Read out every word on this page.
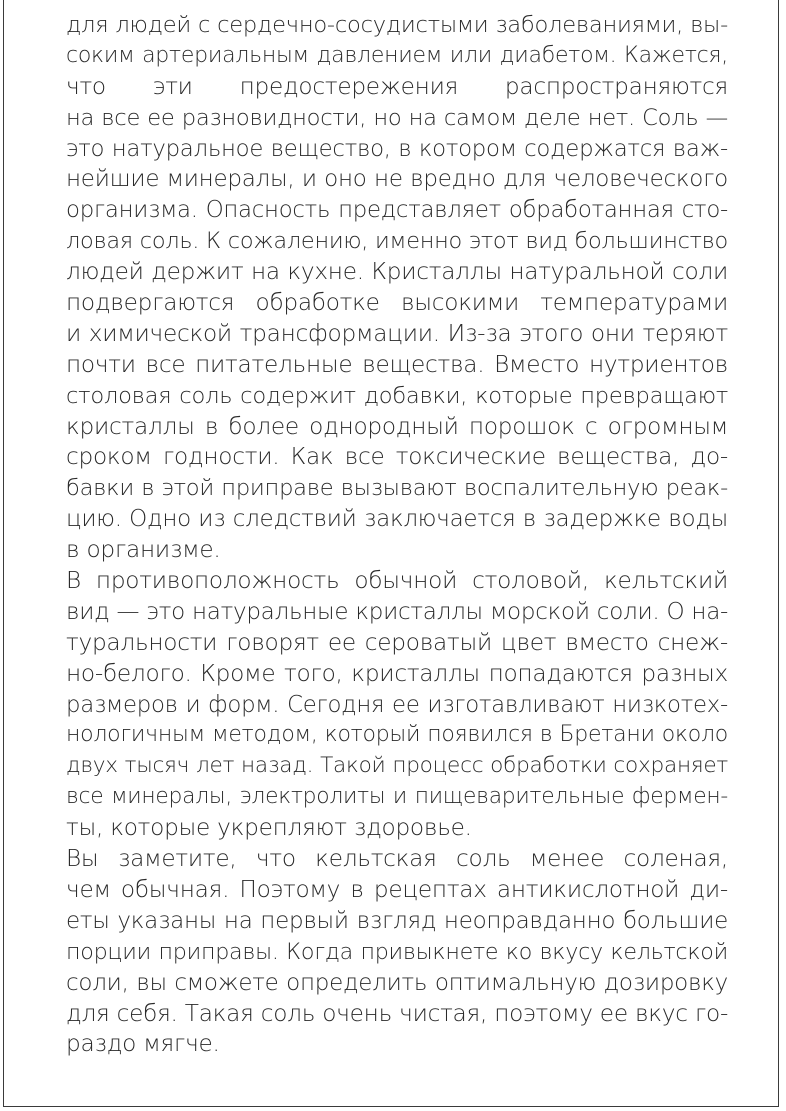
для людей с сердечно-сосудистыми заболеваниями, вы-
соким артериальным давлением или диабетом. Кажется,
что эти предостережения распространяются
на все ее разновидности, но на самом деле нет. Соль —
это натуральное вещество, в котором содержатся важ-
нейшие минералы, и оно не вредно для человеческого
организма. Опасность представляет обработанная сто-
ловая соль. К сожалению, именно этот вид большинство
людей держит на кухне. Кристаллы натуральной соли
подвергаются обработке высокими температурами
и химической трансформации. Из-за этого они теряют
почти все питательные вещества. Вместо нутриентов
столовая соль содержит добавки, которые превращают
кристаллы в более однородный порошок с огромным
сроком годности. Как все токсические вещества, до-
бавки в этой приправе вызывают воспалительную реак-
цию. Одно из следствий заключается в задержке воды
в организме.
В противоположность обычной столовой, кельтский
вид — это натуральные кристаллы морской соли. О на-
туральности говорят ее сероватый цвет вместо снеж-
но-белого. Кроме того, кристаллы попадаются разных
размеров и форм. Сегодня ее изготавливают низкотех-
нологичным методом, который появился в Бретани около
двух тысяч лет назад. Такой процесс обработки сохраняет
все минералы, электролиты и пищеварительные фермен-
ты, которые укрепляют здоровье.
Вы заметите, что кельтская соль менее соленая,
чем обычная. Поэтому в рецептах антикислотной ди-
еты указаны на первый взгляд неоправданно большие
порции приправы. Когда привыкнете ко вкусу кельтской
соли, вы сможете определить оптимальную дозировку
для себя. Такая соль очень чистая, поэтому ее вкус го-
раздо мягче.
